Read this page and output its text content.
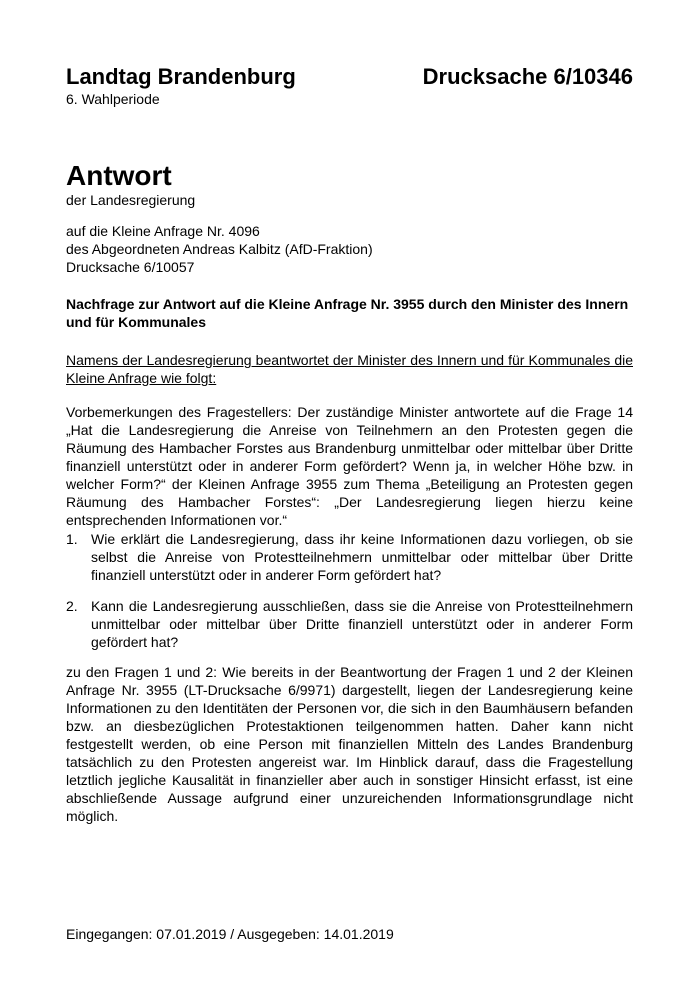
Landtag Brandenburg
6. Wahlperiode
Drucksache 6/10346
Antwort
der Landesregierung
auf die Kleine Anfrage Nr. 4096
des Abgeordneten Andreas Kalbitz (AfD-Fraktion)
Drucksache 6/10057
Nachfrage zur Antwort auf die Kleine Anfrage Nr. 3955 durch den Minister des Innern und für Kommunales
Namens der Landesregierung beantwortet der Minister des Innern und für Kommunales die Kleine Anfrage wie folgt:
Vorbemerkungen des Fragestellers: Der zuständige Minister antwortete auf die Frage 14 „Hat die Landesregierung die Anreise von Teilnehmern an den Protesten gegen die Räumung des Hambacher Forstes aus Brandenburg unmittelbar oder mittelbar über Dritte finanziell unterstützt oder in anderer Form gefördert? Wenn ja, in welcher Höhe bzw. in welcher Form?“ der Kleinen Anfrage 3955 zum Thema „Beteiligung an Protesten gegen Räumung des Hambacher Forstes“: „Der Landesregierung liegen hierzu keine entsprechenden Informationen vor.“
1. Wie erklärt die Landesregierung, dass ihr keine Informationen dazu vorliegen, ob sie selbst die Anreise von Protestteilnehmern unmittelbar oder mittelbar über Dritte finanziell unterstützt oder in anderer Form gefördert hat?
2. Kann die Landesregierung ausschließen, dass sie die Anreise von Protestteilnehmern unmittelbar oder mittelbar über Dritte finanziell unterstützt oder in anderer Form gefördert hat?
zu den Fragen 1 und 2: Wie bereits in der Beantwortung der Fragen 1 und 2 der Kleinen Anfrage Nr. 3955 (LT-Drucksache 6/9971) dargestellt, liegen der Landesregierung keine Informationen zu den Identitäten der Personen vor, die sich in den Baumhäusern befanden bzw. an diesbezüglichen Protestaktionen teilgenommen hatten. Daher kann nicht festgestellt werden, ob eine Person mit finanziellen Mitteln des Landes Brandenburg tatsächlich zu den Protesten angereist war. Im Hinblick darauf, dass die Fragestellung letztlich jegliche Kausalität in finanzieller aber auch in sonstiger Hinsicht erfasst, ist eine abschließende Aussage aufgrund einer unzureichenden Informationsgrundlage nicht möglich.
Eingegangen: 07.01.2019 / Ausgegeben: 14.01.2019
